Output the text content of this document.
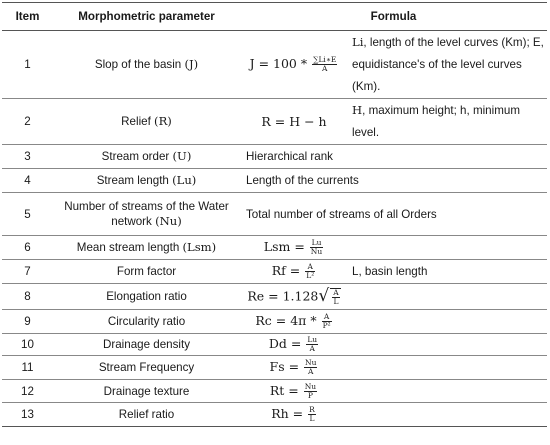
Item	Morphometric parameter	Formula	
1	Slop of the basin (J)	$J = 100 * \frac{\sum Li∗E}{A}$	Li, length of the level curves (Km); E, equidistance's of the level curves (Km).
2	Relief (R)	R = H − h	H, maximum height; h, minimum level.
3	Stream order (U)	Hierarchical rank	
4	Stream length (Lu)	Length of the currents	
5	Number of streams of the Water network (Nu)	Total number of streams of all Orders	
6	Mean stream length (Lsm)	Lsm = $\frac{Lu}{Nu}$

7	Form factor	$Rf = \frac{A}{\text{L²}}$	L, basin length
8	Elongation ratio	$Re = 1.128√ \frac{A}{L}$

9	Circularity ratio	$Rc = 4\pi * \frac{A}{\text{P²}}$

10	Drainage density	$Dd = \frac{Lu}{A}$

11	Stream Frequency	$Fs = \frac{Nu}{A}$

12	Drainage texture	$Rt = \frac{Nu}{P}$

13	Relief ratio	$Rh = \frac{R}{L}$
